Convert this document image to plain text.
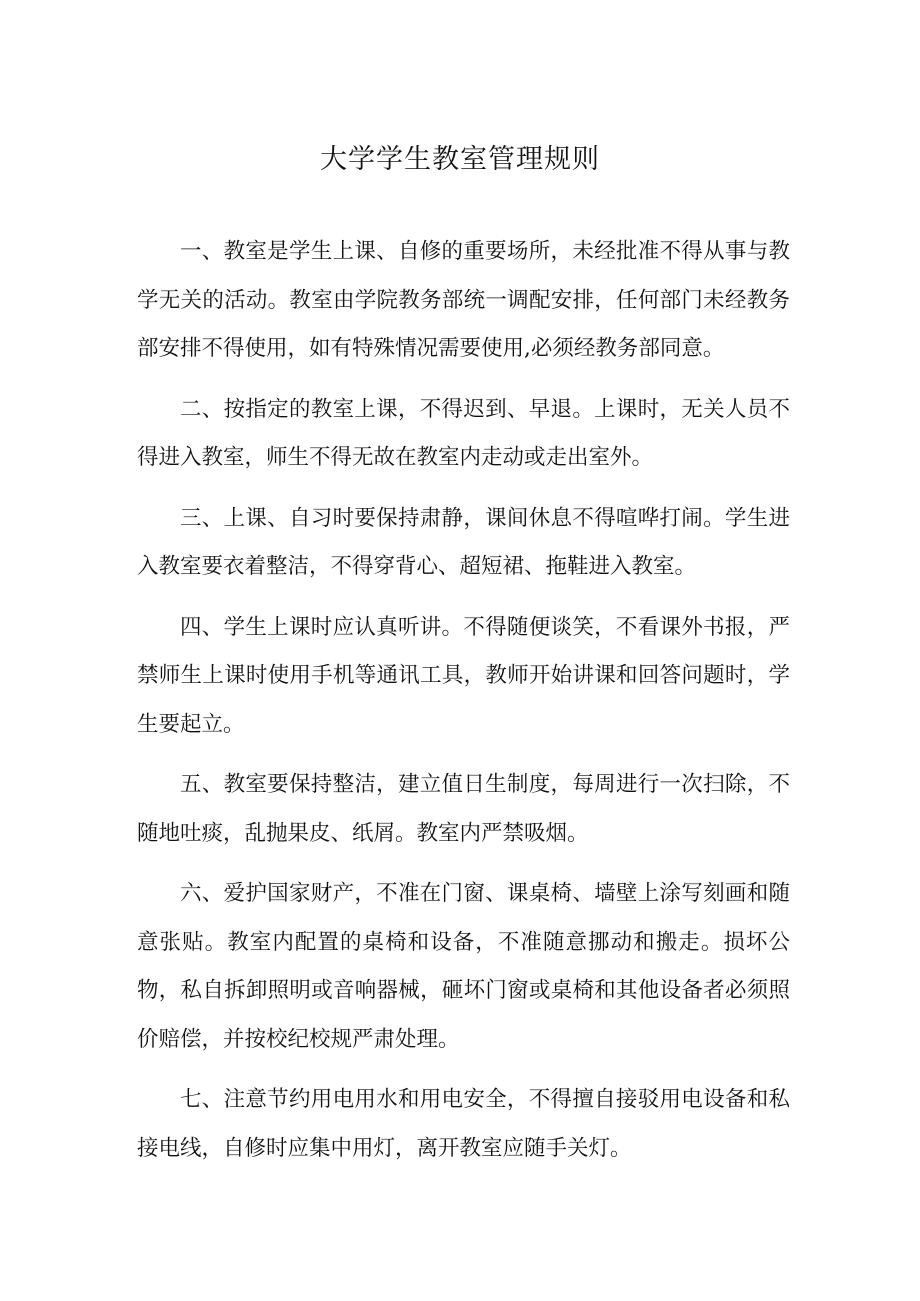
大学学生教室管理规则

一、教室是学生上课、自修的重要场所，未经批准不得从事与教学无关的活动。教室由学院教务部统一调配安排，任何部门未经教务部安排不得使用，如有特殊情况需要使用,必须经教务部同意。

二、按指定的教室上课，不得迟到、早退。上课时，无关人员不得进入教室，师生不得无故在教室内走动或走出室外。

三、上课、自习时要保持肃静，课间休息不得喧哗打闹。学生进入教室要衣着整洁，不得穿背心、超短裙、拖鞋进入教室。

四、学生上课时应认真听讲。不得随便谈笑，不看课外书报，严禁师生上课时使用手机等通讯工具，教师开始讲课和回答问题时，学生要起立。

五、教室要保持整洁，建立值日生制度，每周进行一次扫除，不随地吐痰，乱抛果皮、纸屑。教室内严禁吸烟。

六、爱护国家财产，不准在门窗、课桌椅、墙壁上涂写刻画和随意张贴。教室内配置的桌椅和设备，不准随意挪动和搬走。损坏公物，私自拆卸照明或音响器械，砸坏门窗或桌椅和其他设备者必须照价赔偿，并按校纪校规严肃处理。

七、注意节约用电用水和用电安全，不得擅自接驳用电设备和私接电线，自修时应集中用灯，离开教室应随手关灯。
